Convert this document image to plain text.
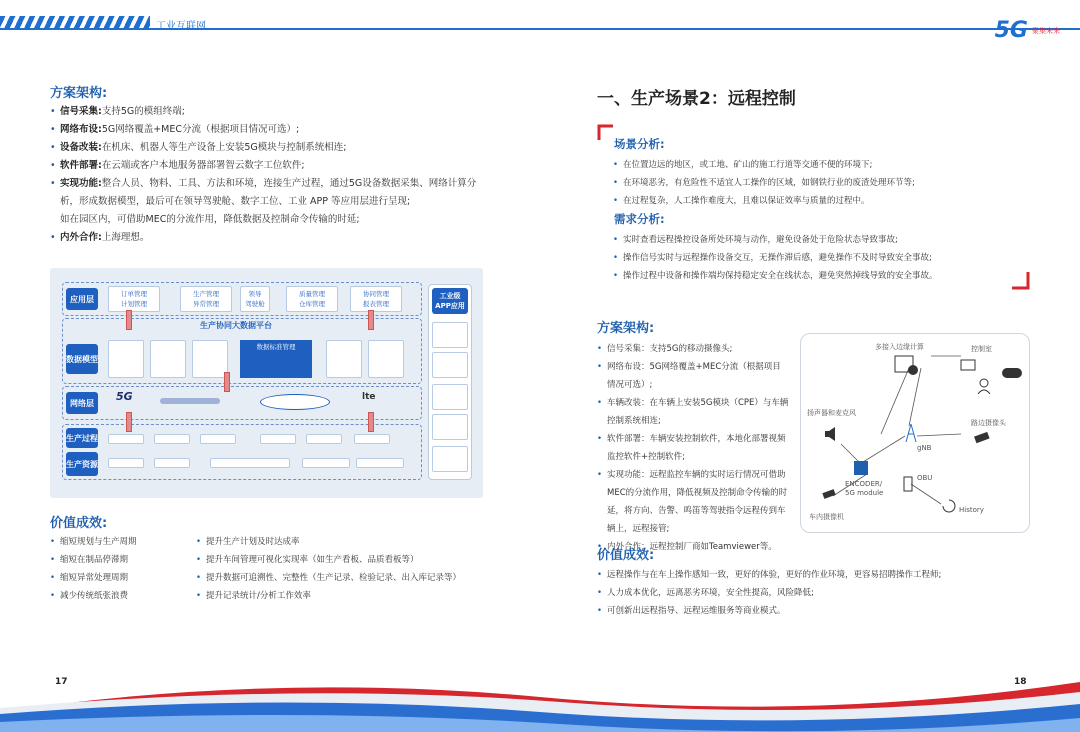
工业互联网	5G 聚集未来
方案架构:
• 信号采集:支持5G的模组终端;
• 网络布设:5G网络覆盖+MEC分流（根据项目情况可选）;
• 设备改装:在机床、机器人等生产设备上安装5G模块与控制系统相连;
• 软件部署:在云端或客户本地服务器部署智云数字工位软件;
• 实现功能:整合人员、物料、工具、方法和环境，连接生产过程，通过5G设备数据采集、网络计算分析，形成数据模型，最后可在领导驾驶舱、数字工位、工业 APP 等应用层进行呈现;
如在园区内，可借助MEC的分流作用，降低数据及控制命令传输的时延;
• 内外合作:上海理想。
应用层
数据模型
网络层
生产过程
生产资源
订单管理
计划管理
生产管理
异常管理
领导
驾驶舱
质量管理
仓库管理
协同管理
报表管理
生产协同大数据平台
数据标准管理
5G	lte
工业级APP应用
价值成效:
• 缩短规划与生产周期
• 缩短在制品停滞期
• 缩短异常处理周期
• 减少传统纸张浪费
• 提升生产计划及时达成率
• 提升车间管理可视化实现率（如生产看板、品质看板等）
• 提升数据可追溯性、完整性（生产记录、检验记录、出入库记录等）
• 提升记录统计/分析工作效率
一、生产场景2：远程控制
场景分析:
• 在位置边远的地区，或工地、矿山的施工行道等交通不便的环境下;
• 在环境恶劣，有危险性不适宜人工操作的区域，如钢铁行业的废渣处理环节等;
• 在过程复杂，人工操作难度大，且难以保证效率与质量的过程中。
需求分析:
• 实时查看远程操控设备所处环境与动作，避免设备处于危险状态导致事故;
• 操作信号实时与远程操作设备交互，无操作滞后感，避免操作不及时导致安全事故;
• 操作过程中设备和操作端均保持稳定安全在线状态，避免突然掉线导致的安全事故。
方案架构:
• 信号采集：支持5G的移动摄像头;
• 网络布设：5G网络覆盖+MEC分流（根据项目情况可选）;
• 车辆改装：在车辆上安装5G模块（CPE）与车辆控制系统相连;
• 软件部署：车辆安装控制软件，本地化部署视频监控软件+控制软件;
• 实现功能：远程监控车辆的实时运行情况可借助MEC的分流作用，降低视频及控制命令传输的时延，将方向、告警、鸣笛等驾驶指令远程传到车辆上，远程接管;
• 内外合作：远程控制厂商如Teamviewer等。
多接入边缘计算	控制室
扬声器和麦克风
路边摄像头
gNB
ENCODER/
5G module
OBU
History
车内摄像机
价值成效:
• 远程操作与在车上操作感知一致，更好的体验，更好的作业环境，更容易招聘操作工程师;
• 人力成本优化，远离恶劣环境，安全性提高，风险降低;
• 可创新出远程指导、远程运维服务等商业模式。
17	18
